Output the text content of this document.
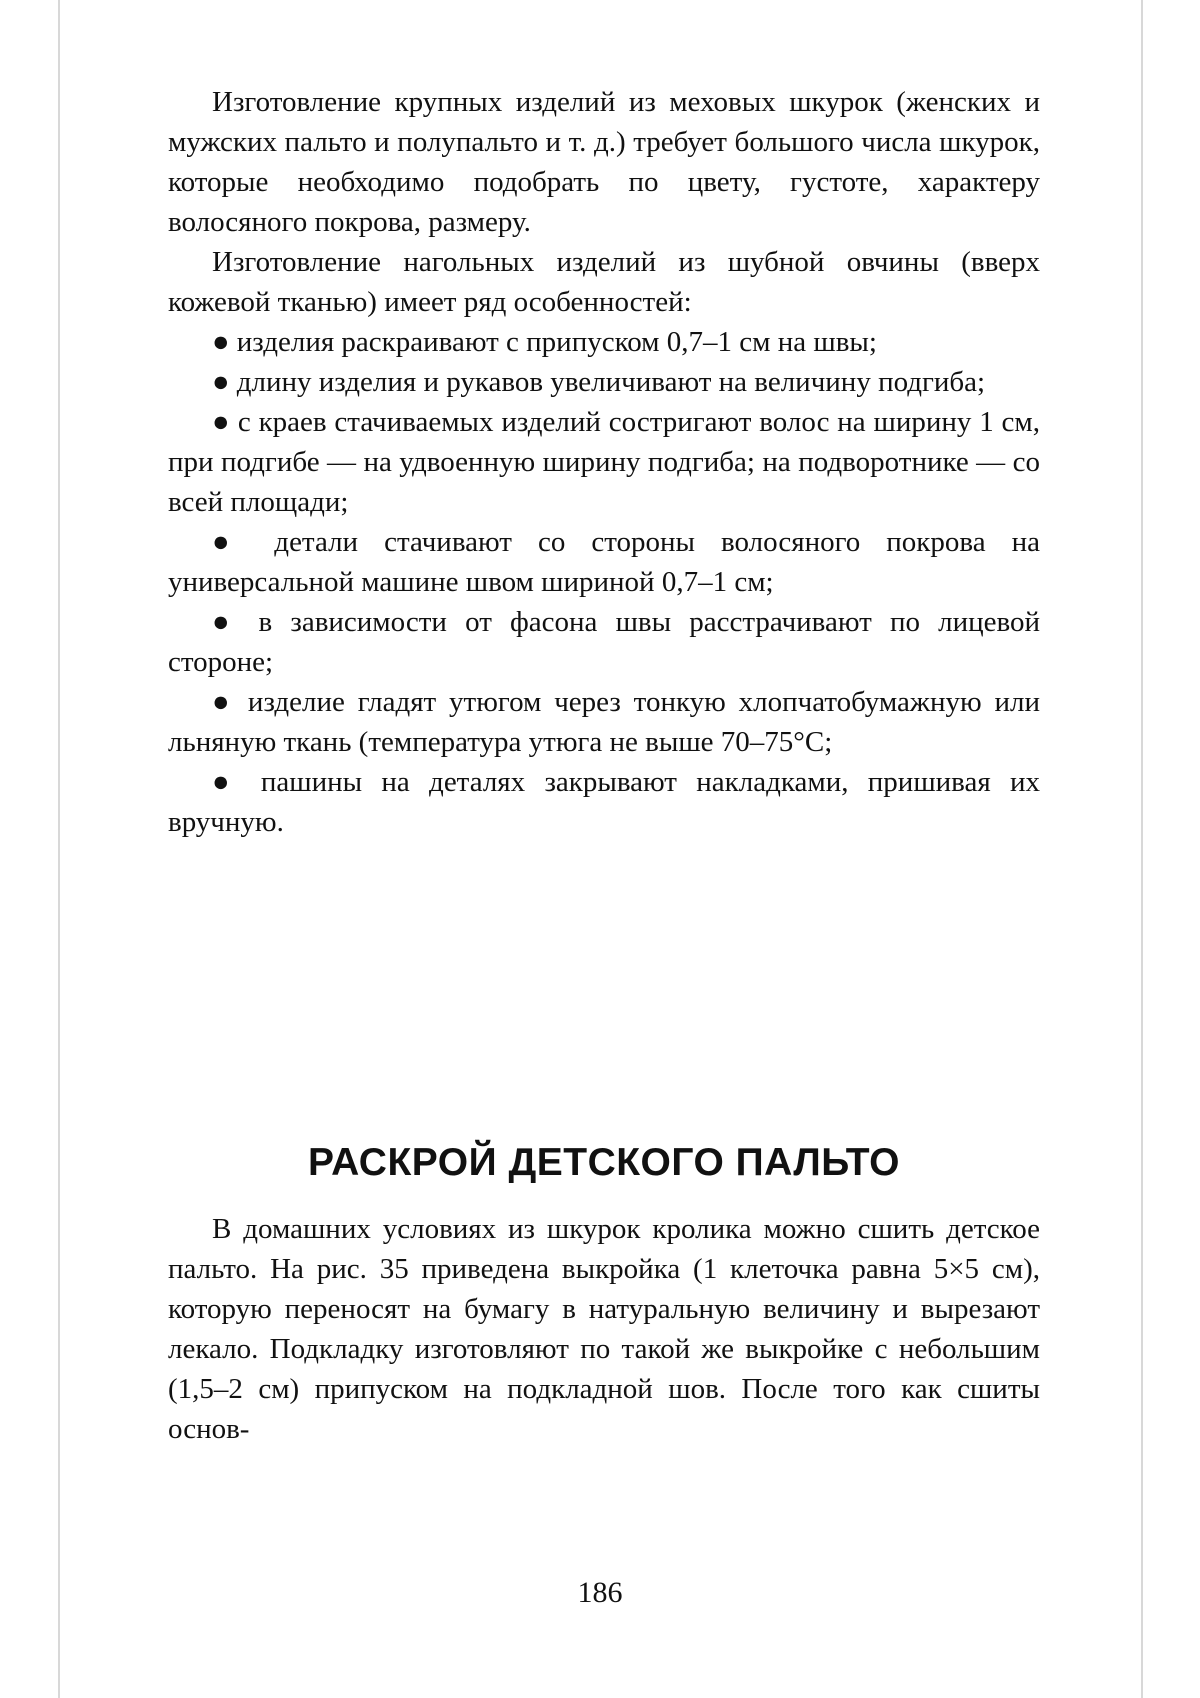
Изготовление крупных изделий из меховых шкурок (женских и мужских пальто и полупальто и т. д.) требует большого числа шкурок, которые необходимо подобрать по цвету, густоте, характеру волосяного покрова, размеру.

Изготовление нагольных изделий из шубной овчины (вверх кожевой тканью) имеет ряд особенностей:

● изделия раскраивают с припуском 0,7–1 см на швы;

● длину изделия и рукавов увеличивают на величину подгиба;

● с краев стачиваемых изделий состригают волос на ширину 1 см, при подгибе — на удвоенную ширину подгиба; на подворотнике — со всей площади;

● детали стачивают со стороны волосяного покрова на универсальной машине швом шириной 0,7–1 см;

● в зависимости от фасона швы расстрачивают по лицевой стороне;

● изделие гладят утюгом через тонкую хлопчатобумажную или льняную ткань (температура утюга не выше 70–75°С;

● пашины на деталях закрывают накладками, пришивая их вручную.

РАСКРОЙ ДЕТСКОГО ПАЛЬТО

В домашних условиях из шкурок кролика можно сшить детское пальто. На рис. 35 приведена выкройка (1 клеточка равна 5×5 см), которую переносят на бумагу в натуральную величину и вырезают лекало. Подкладку изготовляют по такой же выкройке с небольшим (1,5–2 см) припуском на подкладной шов. После того как сшиты основ-

186
